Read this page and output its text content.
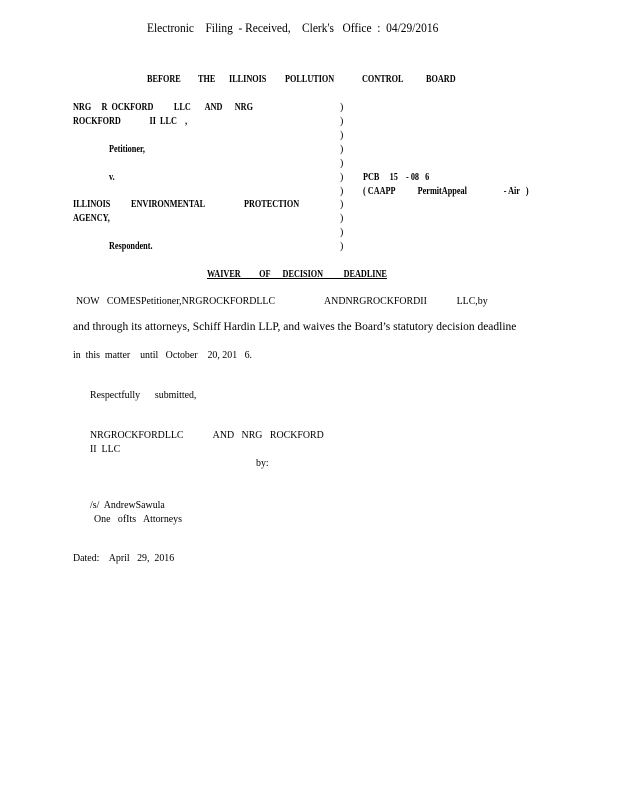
Electronic    Filing  - Received,    Clerk's   Office  :  04/29/2016
BEFORE THE ILLINOIS POLLUTION	CONTROL BOARD
NRG     R  OCKFORD          LLC       AND      NRG
ROCKFORD              II  LLC    ,
Petitioner,
v.
ILLINOIS ENVIRONMENTAL	PROTECTION
AGENCY,
Respondent.
)
)
)
)
)
)
)
)
)
)
)
PCB     15    - 08   6
( CAAPP           PermitAppeal                  - Air   )
WAIVER         OF      DECISION          DEADLINE
NOW   COMESPetitioner,NRGROCKFORDLLC                    ANDNRGROCKFORDII            LLC,by
and through its attorneys, Schiff Hardin LLP, and waives the Board’s statutory decision deadline
in  this  matter    until   October    20, 201   6.
Respectfully      submitted,
NRGROCKFORDLLC            AND   NRG   ROCKFORD
II  LLC
by:
/s/  AndrewSawula
One   ofIts   Attorneys
Dated:    April   29,  2016
